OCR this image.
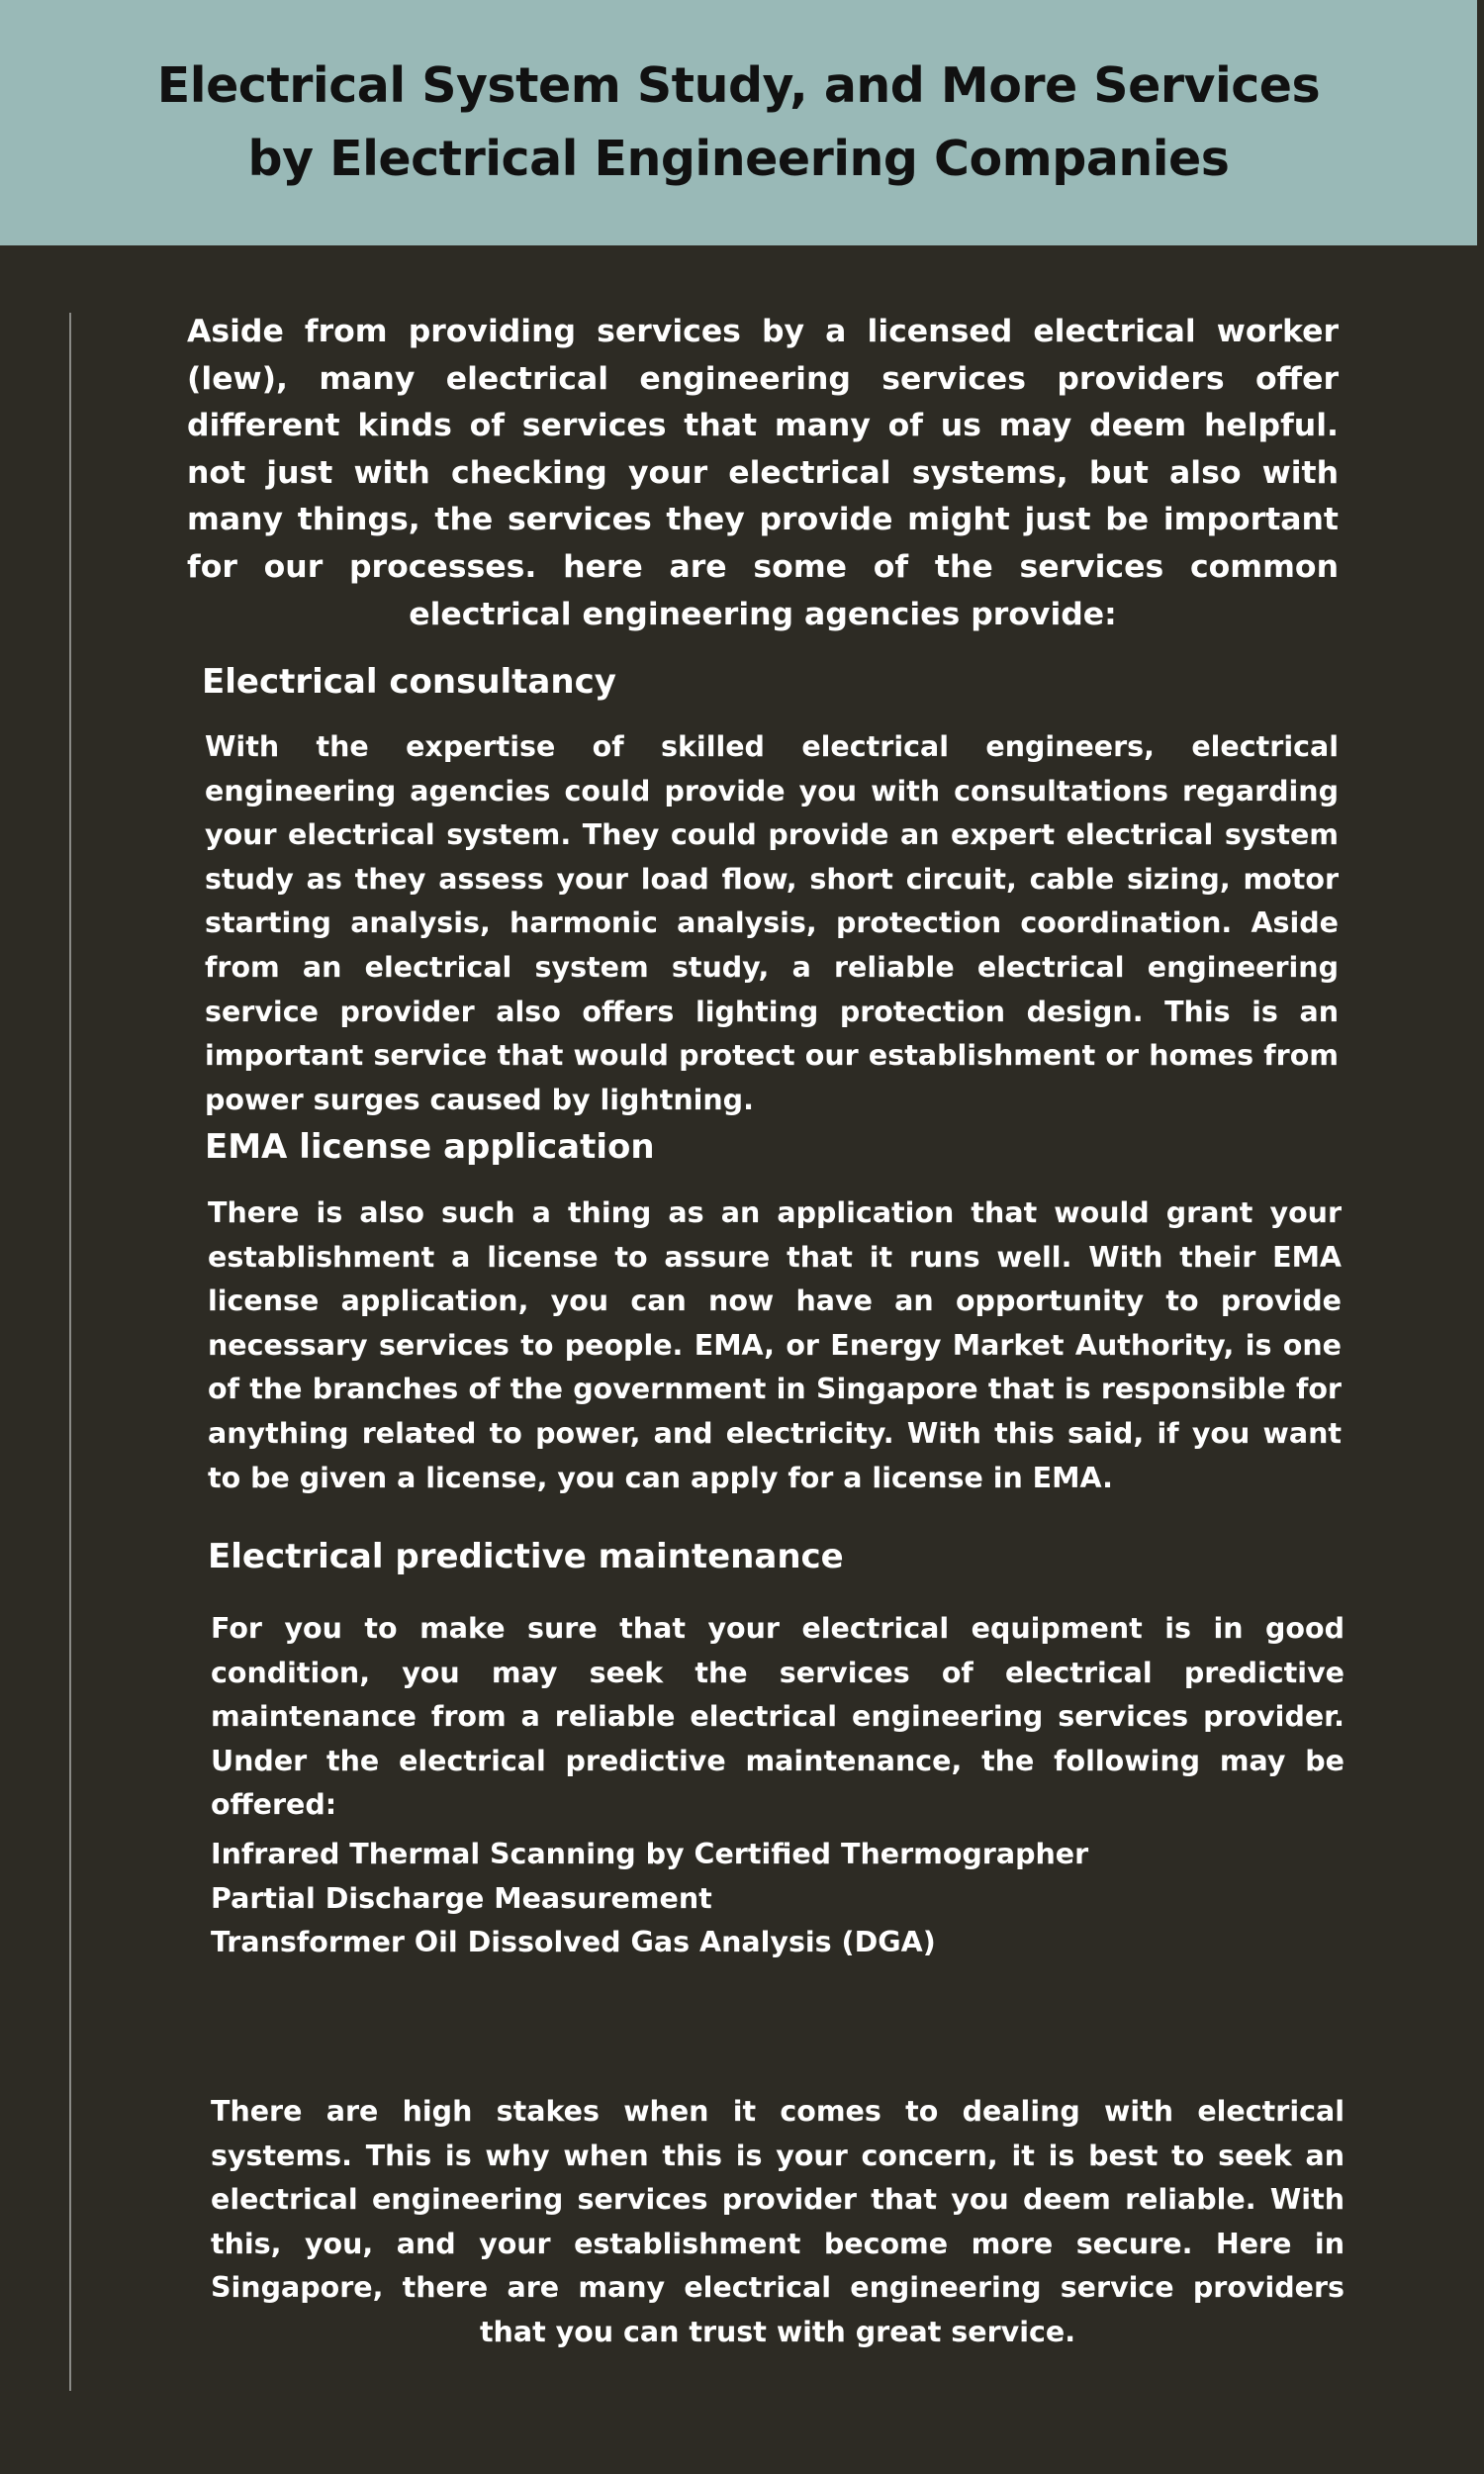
Electrical System Study, and More Services by Electrical Engineering Companies

Aside from providing services by a licensed electrical worker (lew), many electrical engineering services providers offer different kinds of services that many of us may deem helpful. not just with checking your electrical systems, but also with many things, the services they provide might just be important for our processes. here are some of the services common electrical engineering agencies provide:

Electrical consultancy

With the expertise of skilled electrical engineers, electrical engineering agencies could provide you with consultations regarding your electrical system. They could provide an expert electrical system study as they assess your load flow, short circuit, cable sizing, motor starting analysis, harmonic analysis, protection coordination. Aside from an electrical system study, a reliable electrical engineering service provider also offers lighting protection design. This is an important service that would protect our establishment or homes from power surges caused by lightning.

EMA license application

There is also such a thing as an application that would grant your establishment a license to assure that it runs well. With their EMA license application, you can now have an opportunity to provide necessary services to people. EMA, or Energy Market Authority, is one of the branches of the government in Singapore that is responsible for anything related to power, and electricity. With this said, if you want to be given a license, you can apply for a license in EMA.

Electrical predictive maintenance

For you to make sure that your electrical equipment is in good condition, you may seek the services of electrical predictive maintenance from a reliable electrical engineering services provider. Under the electrical predictive maintenance, the following may be offered:

Infrared Thermal Scanning by Certified Thermographer
Partial Discharge Measurement
Transformer Oil Dissolved Gas Analysis (DGA)

There are high stakes when it comes to dealing with electrical systems. This is why when this is your concern, it is best to seek an electrical engineering services provider that you deem reliable. With this, you, and your establishment become more secure. Here in Singapore, there are many electrical engineering service providers that you can trust with great service.
